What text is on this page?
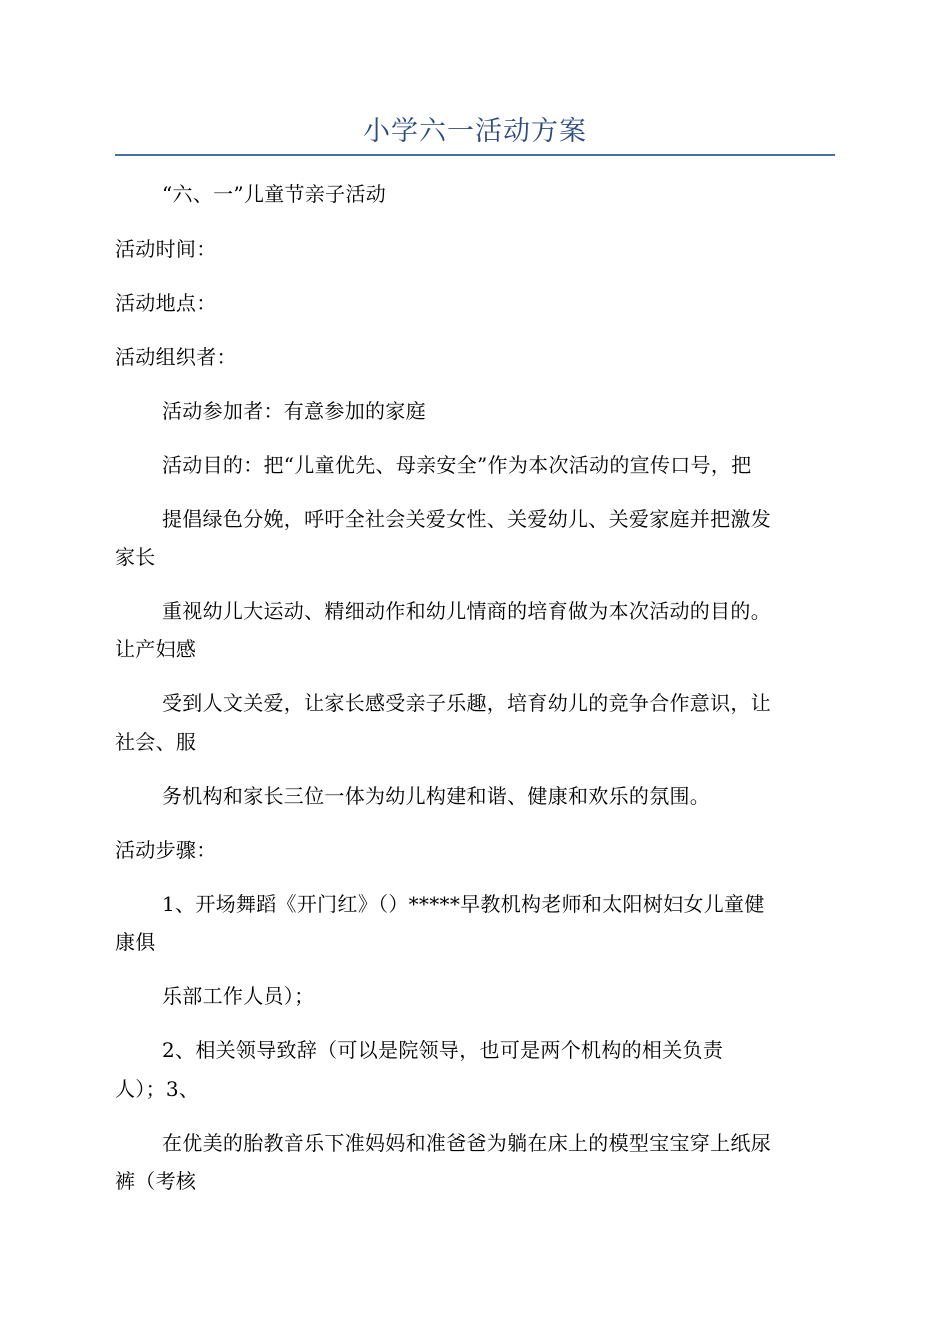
小学六一活动方案
“六、一”儿童节亲子活动
活动时间：
活动地点：
活动组织者：
活动参加者：有意参加的家庭
活动目的：把“儿童优先、母亲安全”作为本次活动的宣传口号，把
提倡绿色分娩，呼吁全社会关爱女性、关爱幼儿、关爱家庭并把激发
家长
重视幼儿大运动、精细动作和幼儿情商的培育做为本次活动的目的。
让产妇感
受到人文关爱，让家长感受亲子乐趣，培育幼儿的竞争合作意识，让
社会、服
务机构和家长三位一体为幼儿构建和谐、健康和欢乐的氛围。
活动步骤：
1、开场舞蹈《开门红》（）*****早教机构老师和太阳树妇女儿童健
康俱
乐部工作人员）；
2、相关领导致辞（可以是院领导，也可是两个机构的相关负责
人）；3、
在优美的胎教音乐下准妈妈和准爸爸为躺在床上的模型宝宝穿上纸尿
裤（考核
